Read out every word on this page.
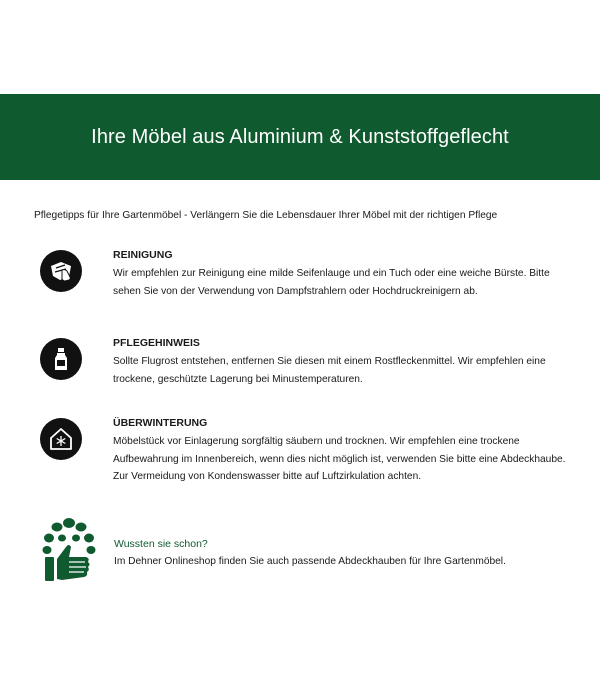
Ihre Möbel aus Aluminium & Kunststoffgeflecht
Pflegetipps für Ihre Gartenmöbel - Verlängern Sie die Lebensdauer Ihrer Möbel mit der richtigen Pflege

REINIGUNG

Wir empfehlen zur Reinigung eine milde Seifenlauge und ein Tuch oder eine weiche Bürste. Bitte sehen Sie von der Verwendung von Dampfstrahlern oder Hochdruckreinigern ab.

PFLEGEHINWEIS

Sollte Flugrost entstehen, entfernen Sie diesen mit einem Rostfleckenmittel. Wir empfehlen eine trockene, geschützte Lagerung bei Minustemperaturen.

ÜBERWINTERUNG

Möbelstück vor Einlagerung sorgfältig säubern und trocknen. Wir empfehlen eine trockene Aufbewahrung im Innenbereich, wenn dies nicht möglich ist, verwenden Sie bitte eine Abdeckhaube. Zur Vermeidung von Kondenswasser bitte auf Luftzirkulation achten.

Wussten sie schon?

Im Dehner Onlineshop finden Sie auch passende Abdeckhauben für Ihre Gartenmöbel.
